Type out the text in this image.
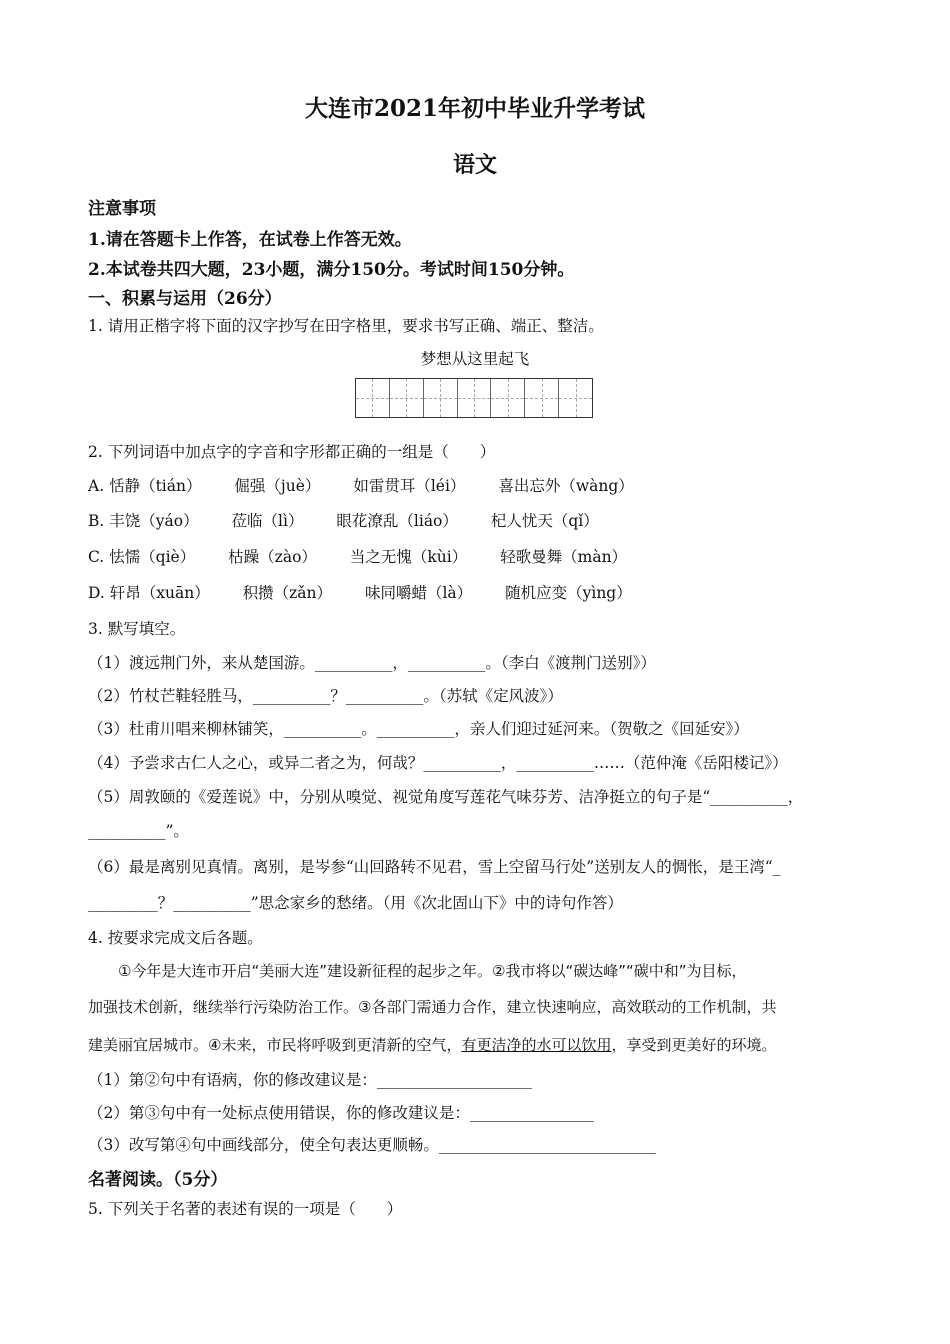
大连市2021年初中毕业升学考试
语文
注意事项
1.请在答题卡上作答，在试卷上作答无效。
2.本试卷共四大题，23小题，满分150分。考试时间150分钟。
一、积累与运用（26分）
1. 请用正楷字将下面的汉字抄写在田字格里，要求书写正确、端正、整洁。
梦想从这里起飞
2. 下列词语中加点字的字音和字形都正确的一组是（　　）
A. 恬静（tián） 倔强（juè） 如雷贯耳（léi） 喜出忘外（wàng）
B. 丰饶（yáo） 莅临（lì） 眼花潦乱（liáo） 杞人忧天（qǐ）
C. 怯懦（qiè） 枯躁（zào） 当之无愧（kùi） 轻歌曼舞（màn）
D. 轩昂（xuān） 积攒（zǎn） 味同嚼蜡（là） 随机应变（yìng）
3. 默写填空。
（1）渡远荆门外，来从楚国游。__________，__________。（李白《渡荆门送别》）
（2）竹杖芒鞋轻胜马，__________？__________。（苏轼《定风波》）
（3）杜甫川唱来柳林铺笑，__________。__________，亲人们迎过延河来。（贺敬之《回延安》）
（4）予尝求古仁人之心，或异二者之为，何哉？__________，__________……（范仲淹《岳阳楼记》）
（5）周敦颐的《爱莲说》中，分别从嗅觉、视觉角度写莲花气味芬芳、洁净挺立的句子是“__________，
__________”。
（6）最是离别见真情。离别，是岑参“山回路转不见君，雪上空留马行处”送别友人的惆怅，是王湾“_
_________？__________”思念家乡的愁绪。（用《次北固山下》中的诗句作答）
4. 按要求完成文后各题。
①今年是大连市开启“美丽大连”建设新征程的起步之年。②我市将以“碳达峰”“碳中和”为目标，
加强技术创新，继续举行污染防治工作。③各部门需通力合作，建立快速响应，高效联动的工作机制，共
建美丽宜居城市。④未来，市民将呼吸到更清新的空气，有更洁净的水可以饮用，享受到更美好的环境。
（1）第②句中有语病，你的修改建议是：____________________
（2）第③句中有一处标点使用错误，你的修改建议是：________________
（3）改写第④句中画线部分，使全句表达更顺畅。____________________________
名著阅读。（5分）
5. 下列关于名著的表述有误的一项是（　　）
